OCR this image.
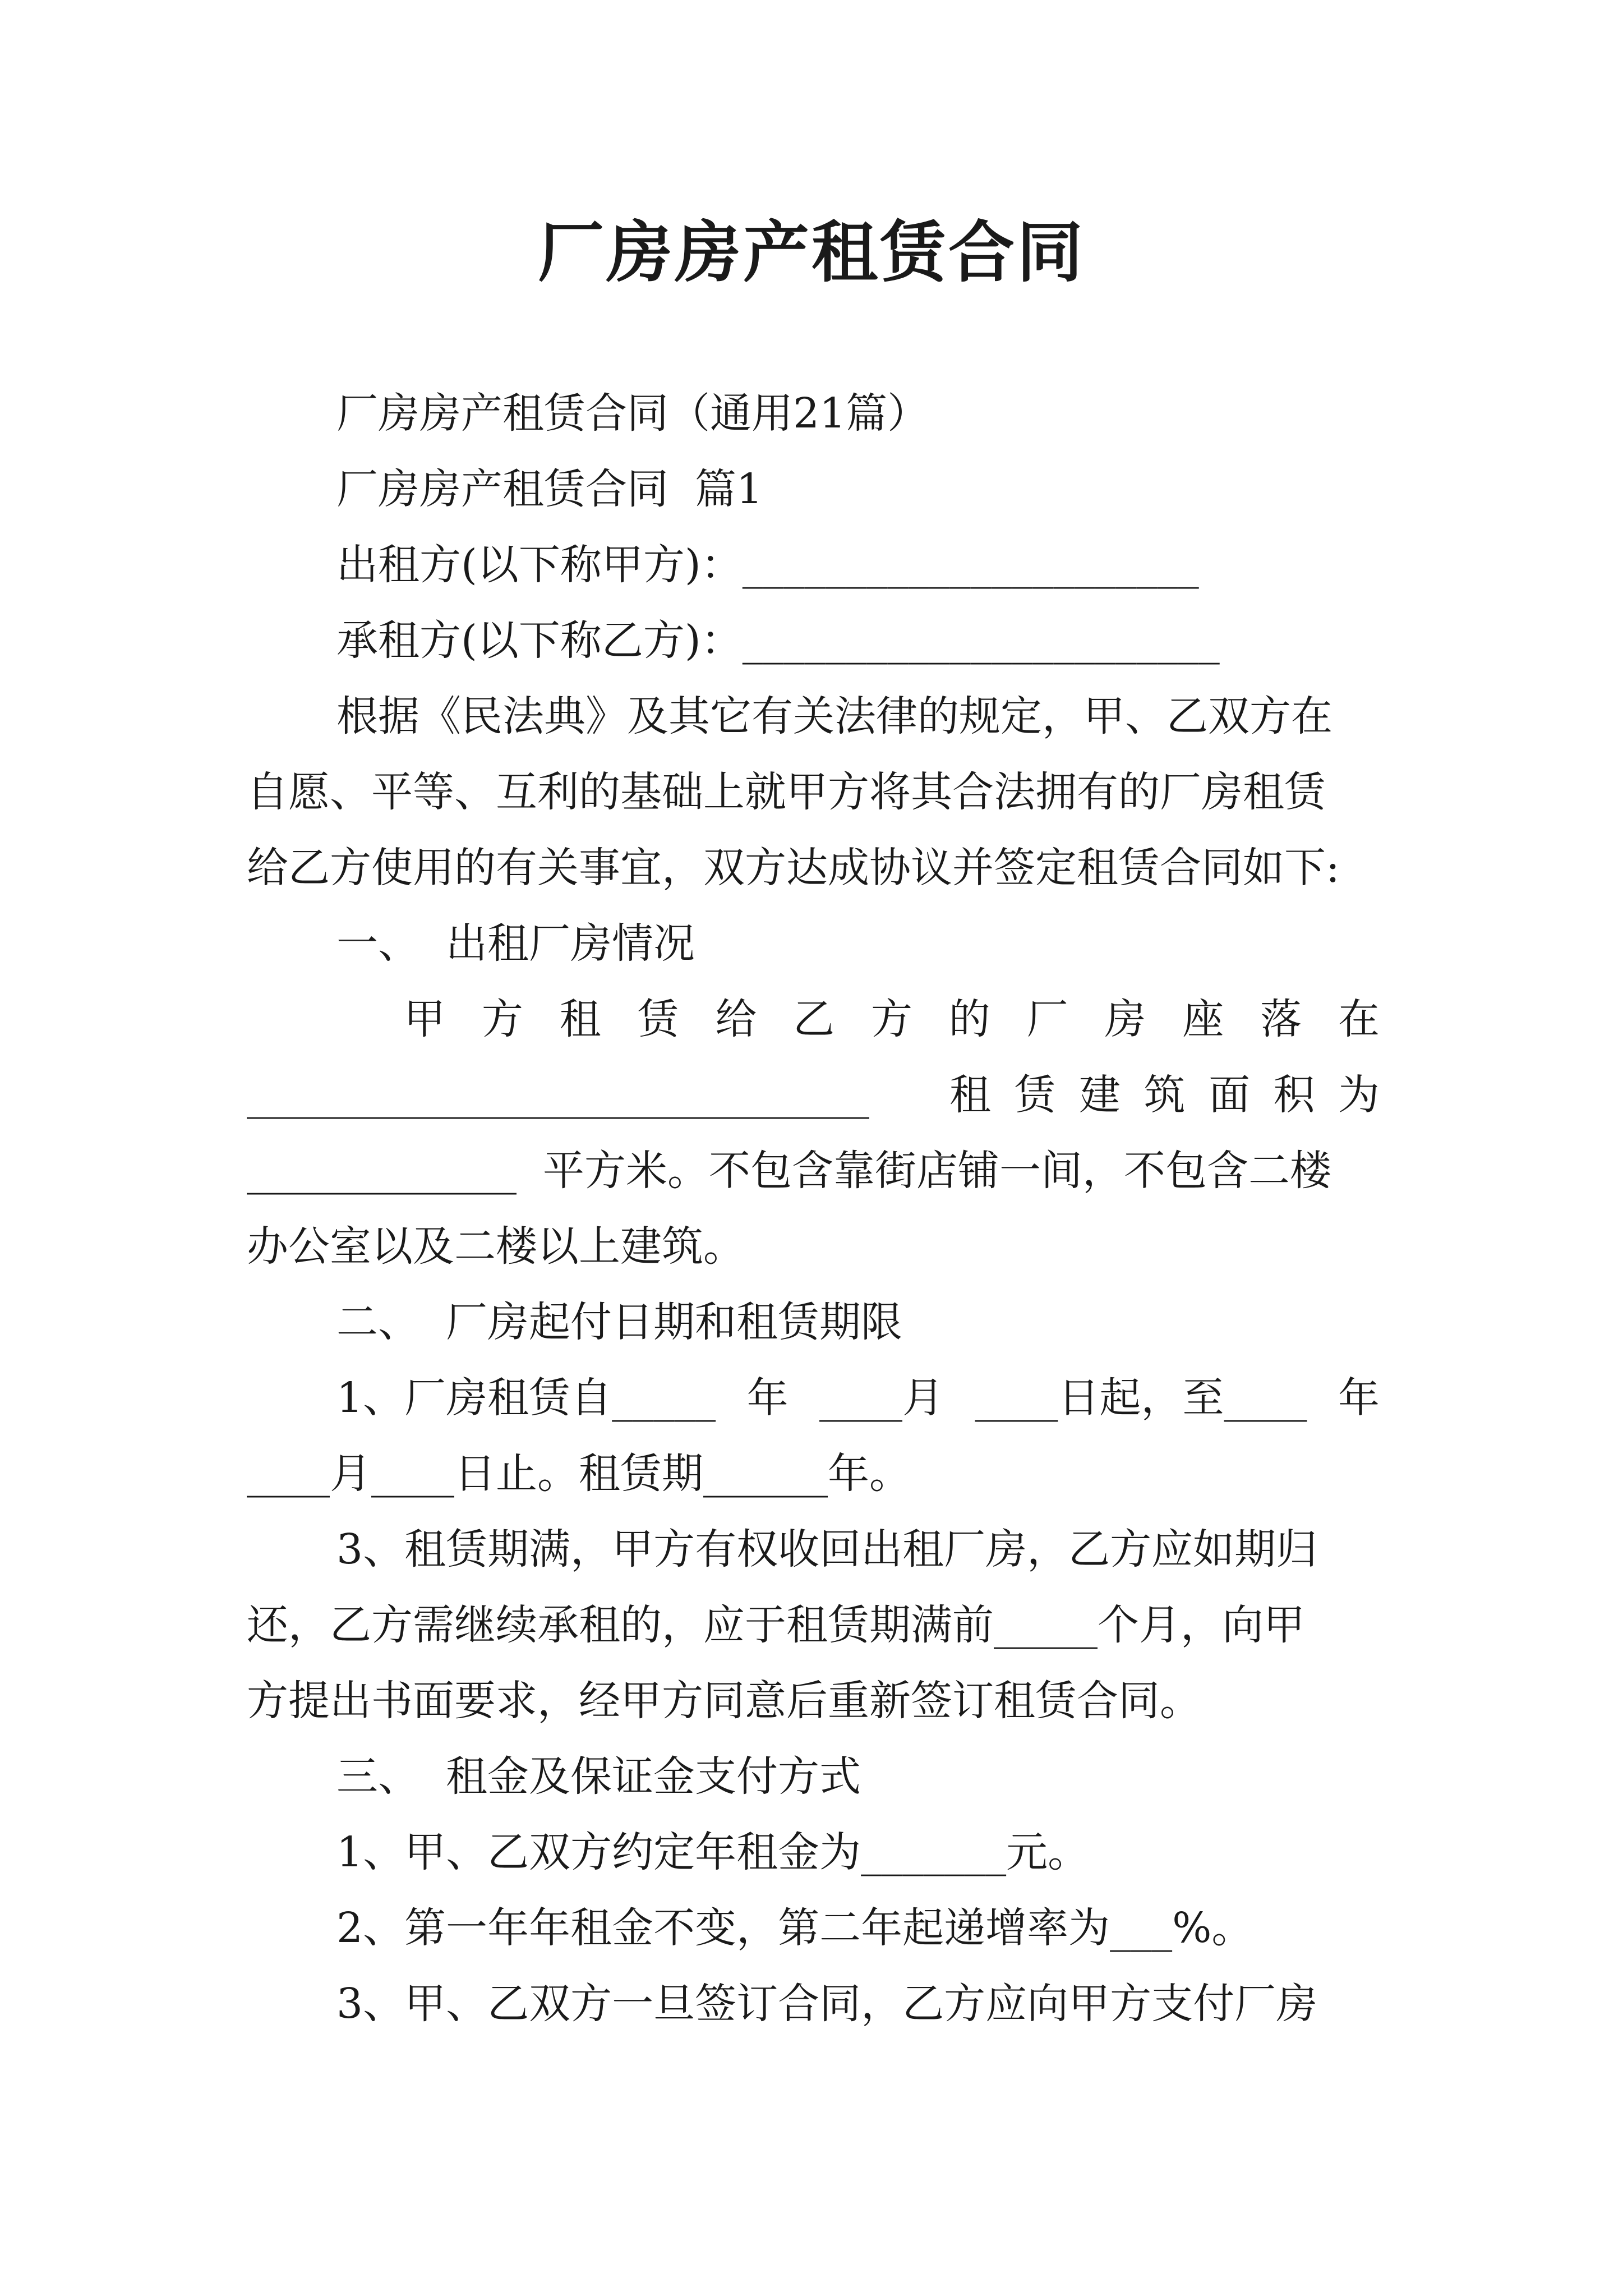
厂房房产租赁合同
厂房房产租赁合同（通用21篇）
厂房房产租赁合同  篇1
出租方(以下称甲方)：______________________
承租方(以下称乙方)：_______________________
根据《民法典》及其它有关法律的规定，甲、乙双方在
自愿、平等、互利的基础上就甲方将其合法拥有的厂房租赁
给乙方使用的有关事宜，双方达成协议并签定租赁合同如下:
一、  出租厂房情况
甲 方 租 赁 给 乙 方 的 厂 房 座 落 在
______________________________ 租 赁 建 筑 面 积 为
_____________  平方米。不包含靠街店铺一间，不包含二楼
办公室以及二楼以上建筑。
二、  厂房起付日期和租赁期限
1、厂房租赁自_____ 年 ____月 ____日起，至____ 年
____月____日止。租赁期______年。
3、租赁期满，甲方有权收回出租厂房，乙方应如期归
还，乙方需继续承租的，应于租赁期满前_____个月，向甲
方提出书面要求，经甲方同意后重新签订租赁合同。
三、  租金及保证金支付方式
1、甲、乙双方约定年租金为_______元。
2、第一年年租金不变，第二年起递增率为___%。
3、甲、乙双方一旦签订合同，乙方应向甲方支付厂房
